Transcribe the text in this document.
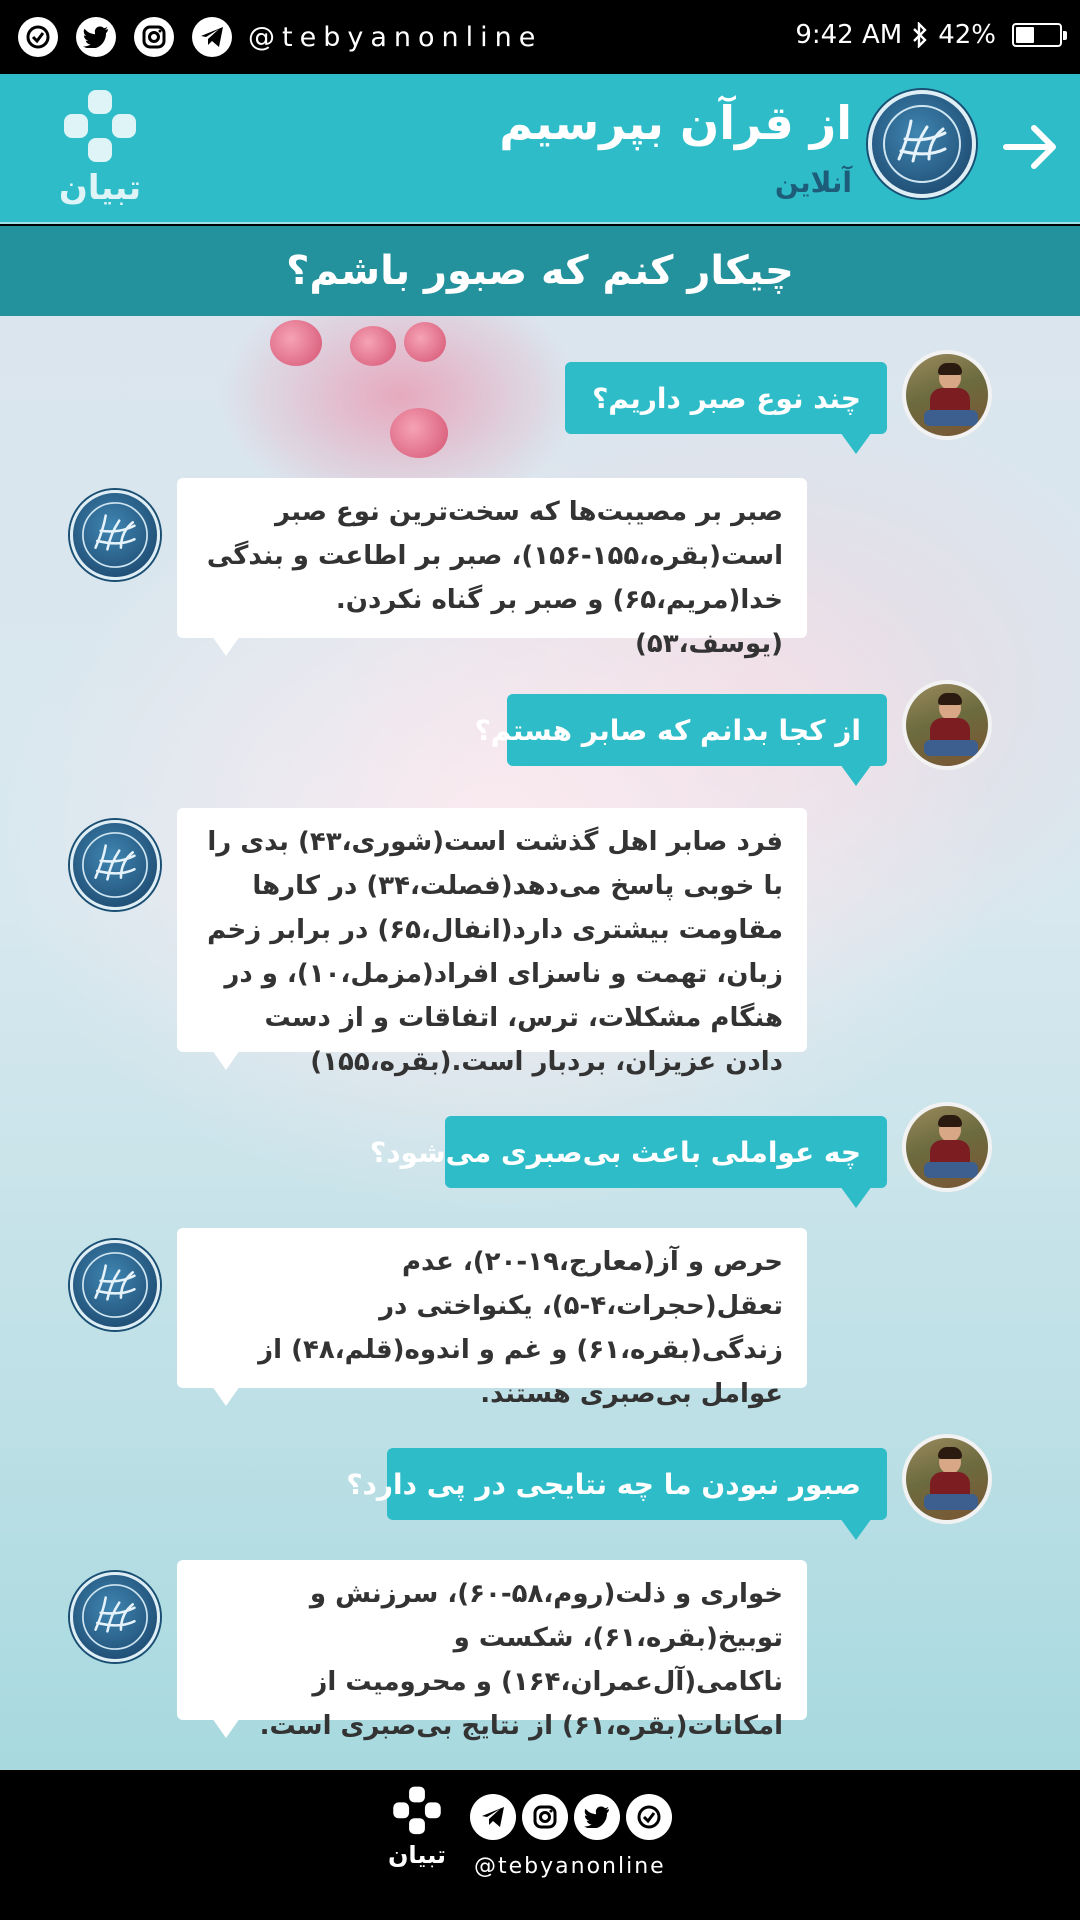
@tebyanonline	9:42 AM 42%
از قرآن بپرسیم
آنلاین
تبیان
چیکار کنم که صبور باشم؟
چند نوع صبر داریم؟
صبر بر مصیبت‌ها که سخت‌ترین نوع صبر است(بقره،۱۵۵-۱۵۶)، صبر بر اطاعت و بندگی خدا(مریم،۶۵) و صبر بر گناه نکردن.(یوسف،۵۳)
از کجا بدانم که صابر هستم؟
فرد صابر اهل گذشت است(شوری،۴۳) بدی را با خوبی پاسخ می‌دهد(فصلت،۳۴) در کارها مقاومت بیشتری دارد(انفال،۶۵) در برابر زخم زبان، تهمت و ناسزای افراد(مزمل،۱۰)، و در هنگام مشکلات، ترس، اتفاقات و از دست دادن عزیزان، بردبار است.(بقره،۱۵۵)
چه عواملی باعث بی‌صبری می‌شود؟
حرص و آز(معارج،۱۹-۲۰)، عدم تعقل(حجرات،۴-۵)، یکنواختی در زندگی(بقره،۶۱) و غم و اندوه(قلم،۴۸) از عوامل بی‌صبری هستند.
صبور نبودن ما چه نتایجی در پی دارد؟
خواری و ذلت(روم،۵۸-۶۰)، سرزنش و توبیخ(بقره،۶۱)، شکست و ناکامی(آل‌عمران،۱۶۴) و محرومیت از امکانات(بقره،۶۱) از نتایج بی‌صبری است.
تبیان @tebyanonline
